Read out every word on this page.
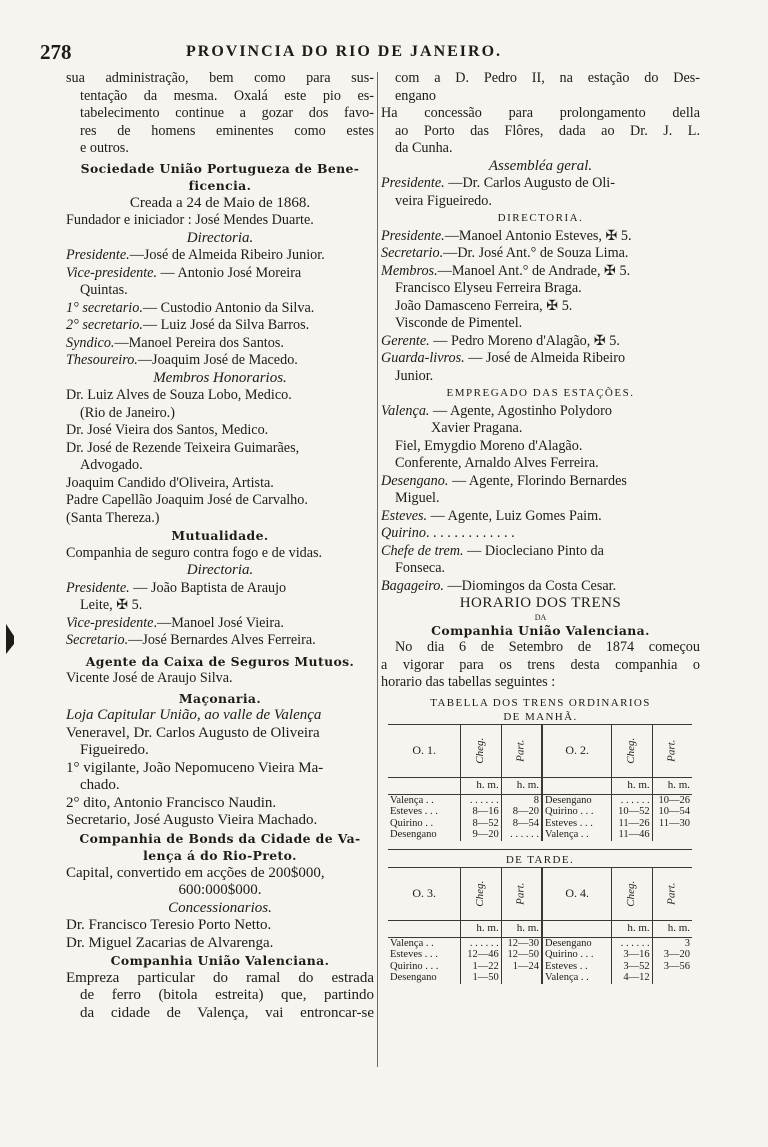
278	PROVINCIA DO RIO DE JANEIRO.
sua administração, bem como para sus-
tentação da mesma. Oxalá este pio es-
tabelecimento continue a gozar dos favo-
res de homens eminentes como estes
e outros.
Sociedade União Portugueza de Bene-
ficencia.
Creada a 24 de Maio de 1868.
Fundador e iniciador : José Mendes Duarte.
Directoria.
Presidente.—José de Almeida Ribeiro Junior.
Vice-presidente. — Antonio José Moreira
Quintas.
1° secretario.— Custodio Antonio da Silva.
2° secretario.— Luiz José da Silva Barros.
Syndico.—Manoel Pereira dos Santos.
Thesoureiro.—Joaquim José de Macedo.
Membros Honorarios.
Dr. Luiz Alves de Souza Lobo, Medico.
(Rio de Janeiro.)
Dr. José Vieira dos Santos, Medico.
Dr. José de Rezende Teixeira Guimarães,
Advogado.
Joaquim Candido d'Oliveira, Artista.
Padre Capellão Joaquim José de Carvalho.
(Santa Thereza.)
Mutualidade.
Companhia de seguro contra fogo e de vidas.
Directoria.
Presidente. — João Baptista de Araujo
Leite, ✠ 5.
Vice-presidente.—Manoel José Vieira.
Secretario.—José Bernardes Alves Ferreira.
Agente da Caixa de Seguros Mutuos.
Vicente José de Araujo Silva.
Maçonaria.
Loja Capitular União, ao valle de Valença
Veneravel, Dr. Carlos Augusto de Oliveira
Figueiredo.
1° vigilante, João Nepomuceno Vieira Ma-
chado.
2° dito, Antonio Francisco Naudin.
Secretario, José Augusto Vieira Machado.
Companhia de Bonds da Cidade de Va-
lença á do Rio-Preto.
Capital, convertido em acções de 200$000,
600:000$000.
Concessionarios.
Dr. Francisco Teresio Porto Netto.
Dr. Miguel Zacarias de Alvarenga.
Companhia União Valenciana.
Empreza particular do ramal do estrada
de ferro (bitola estreita) que, partindo
da cidade de Valença, vai entroncar-se
com a D. Pedro II, na estação do Des-
engano
Ha concessão para prolongamento della
ao Porto das Flôres, dada ao Dr. J. L.
da Cunha.
Assembléa geral.
Presidente. —Dr. Carlos Augusto de Oli-
veira Figueiredo.
DIRECTORIA.
Presidente.—Manoel Antonio Esteves, ✠ 5.
Secretario.—Dr. José Ant.° de Souza Lima.
Membros.—Manoel Ant.° de Andrade, ✠ 5.
Francisco Elyseu Ferreira Braga.
João Damasceno Ferreira, ✠ 5.
Visconde de Pimentel.
Gerente. — Pedro Moreno d'Alagão, ✠ 5.
Guarda-livros. — José de Almeida Ribeiro
Junior.
EMPREGADO DAS ESTAÇÕES.
Valença. — Agente, Agostinho Polydoro
Xavier Pragana.
Fiel, Emygdio Moreno d'Alagão.
Conferente, Arnaldo Alves Ferreira.
Desengano. — Agente, Florindo Bernardes
Miguel.
Esteves. — Agente, Luiz Gomes Paim.
Quirino. . . . . . . . . . . . .
Chefe de trem. — Diocleciano Pinto da
Fonseca.
Bagageiro. —Diomingos da Costa Cesar.
HORARIO DOS TRENS
DA
Companhia União Valenciana.
No dia 6 de Setembro de 1874 começou
a vigorar para os trens desta companhia o
horario das tabellas seguintes :
TABELLA DOS TRENS ORDINARIOS
DE MANHÃ.
O. 1.	Cheg.	Part.	O. 2.	Cheg.	Part.
	h. m.	h. m.		h. m.	h. m.
Valença . .	. . . . . .	8	Desengano	. . . . . .	10—26
Esteves . . .	8—16	8—20	Quirino . . .	10—52	10—54
Quirino . .	8—52	8—54	Esteves . . .	11—26	11—30
Desengano	9—20	. . . . . .	Valença . .	11—46	
DE TARDE.
O. 3.	Cheg.	Part.	O. 4.	Cheg.	Part.
	h. m.	h. m.		h. m.	h. m.
Valença . .	. . . . . .	12—30	Desengano	. . . . . .	3
Esteves . . .	12—46	12—50	Quirino . . .	3—16	3—20
Quirino . . .	1—22	1—24	Esteves . .	3—52	3—56
Desengano	1—50		Valença . .	4—12	
